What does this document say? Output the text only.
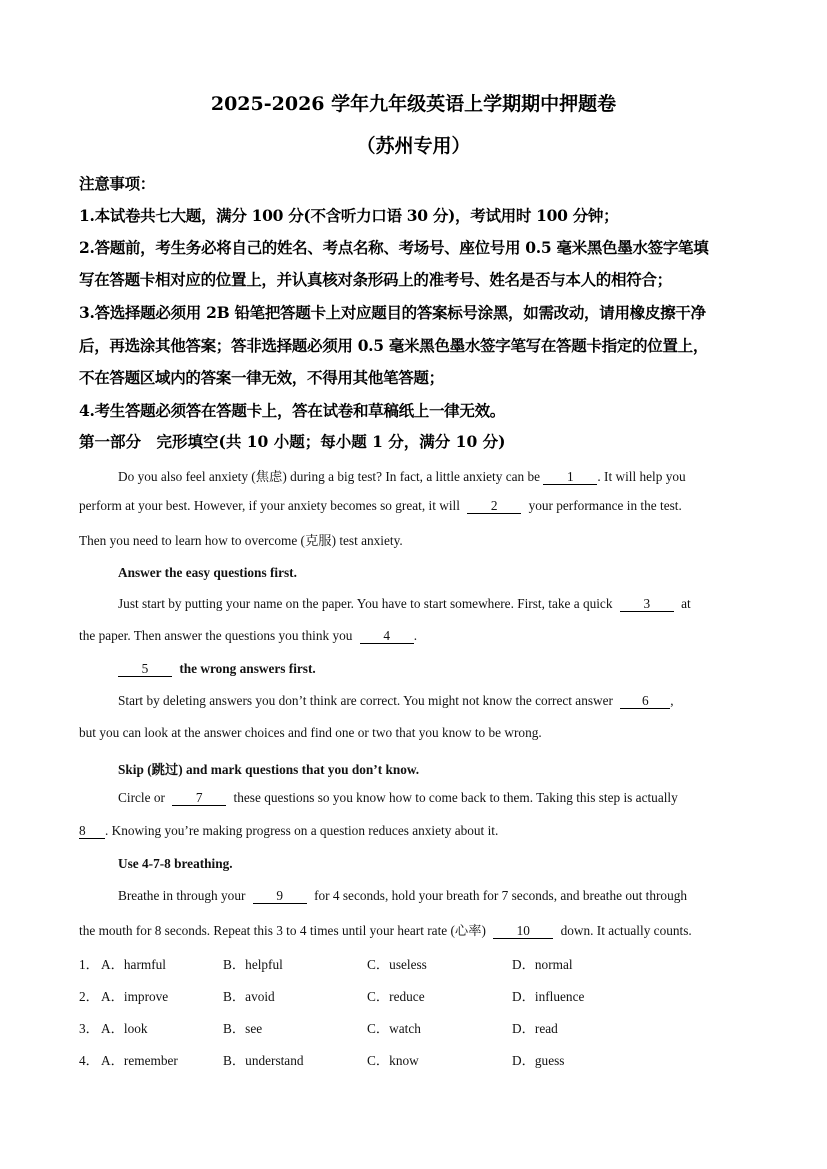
2025-2026 学年九年级英语上学期期中押题卷
（苏州专用）
注意事项：
1.本试卷共七大题，满分 100 分(不含听力口语 30 分)，考试用时 100 分钟；
2.答题前，考生务必将自己的姓名、考点名称、考场号、座位号用 0.5 毫米黑色墨水签字笔填
写在答题卡相对应的位置上，并认真核对条形码上的准考号、姓名是否与本人的相符合；
3.答选择题必须用 2B 铅笔把答题卡上对应题目的答案标号涂黑，如需改动，请用橡皮擦干净
后，再选涂其他答案；答非选择题必须用 0.5 毫米黑色墨水签字笔写在答题卡指定的位置上，
不在答题区域内的答案一律无效，不得用其他笔答题；
4.考生答题必须答在答题卡上，答在试卷和草稿纸上一律无效。
第一部分　完形填空(共 10 小题；每小题 1 分，满分 10 分)
Do you also feel anxiety (焦虑) during a big test? In fact, a little anxiety can be 1 . It will help you
perform at your best. However, if your anxiety becomes so great, it will 2 your performance in the test.
Then you need to learn how to overcome (克服) test anxiety.
Answer the easy questions first.
Just start by putting your name on the paper. You have to start somewhere. First, take a quick 3 at
the paper. Then answer the questions you think you 4 .
5 the wrong answers first.
Start by deleting answers you don’t think are correct. You might not know the correct answer 6 ,
but you can look at the answer choices and find one or two that you know to be wrong.
Skip (跳过) and mark questions that you don’t know.
Circle or 7 these questions so you know how to come back to them. Taking this step is actually
8 . Knowing you’re making progress on a question reduces anxiety about it.
Use 4-7-8 breathing.
Breathe in through your 9 for 4 seconds, hold your breath for 7 seconds, and breathe out through
the mouth for 8 seconds. Repeat this 3 to 4 times until your heart rate (心率) 10 down. It actually counts.
1． A．harmful	B．helpful	C．useless	D．normal
2． A．improve	B．avoid	C．reduce	D．influence
3． A．look	B．see	C．watch	D．read
4． A．remember	B．understand	C．know	D．guess
